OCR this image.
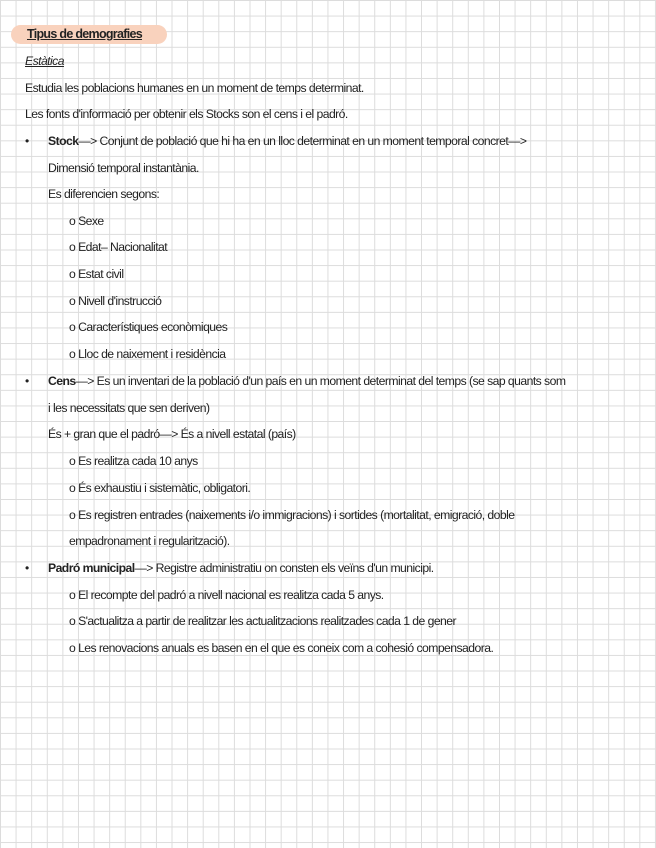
Tipus de demografies
Estàtica
Estudia les poblacions humanes en un moment de temps determinat.
Les fonts d'informació per obtenir els Stocks son el cens i el padró.
• Stock—> Conjunt de població que hi ha en un lloc determinat en un moment temporal concret—>
Dimensió temporal instantània.
Es diferencien segons:
o Sexe
o Edat– Nacionalitat
o Estat civil
o Nivell d'instrucció
o Característiques econòmiques
o Lloc de naixement i residència
• Cens—> Es un inventari de la població d'un país en un moment determinat del temps (se sap quants som
i les necessitats que sen deriven)
És + gran que el padró—> És a nivell estatal (país)
o Es realitza cada 10 anys
o És exhaustiu i sistemàtic, obligatori.
o Es registren entrades (naixements i/o immigracions) i sortides (mortalitat, emigració, doble
empadronament i regularització).
• Padró municipal—> Registre administratiu on consten els veïns d'un municipi.
o El recompte del padró a nivell nacional es realitza cada 5 anys.
o S'actualitza a partir de realitzar les actualitzacions realitzades cada 1 de gener
o Les renovacions anuals es basen en el que es coneix com a cohesió compensadora.
